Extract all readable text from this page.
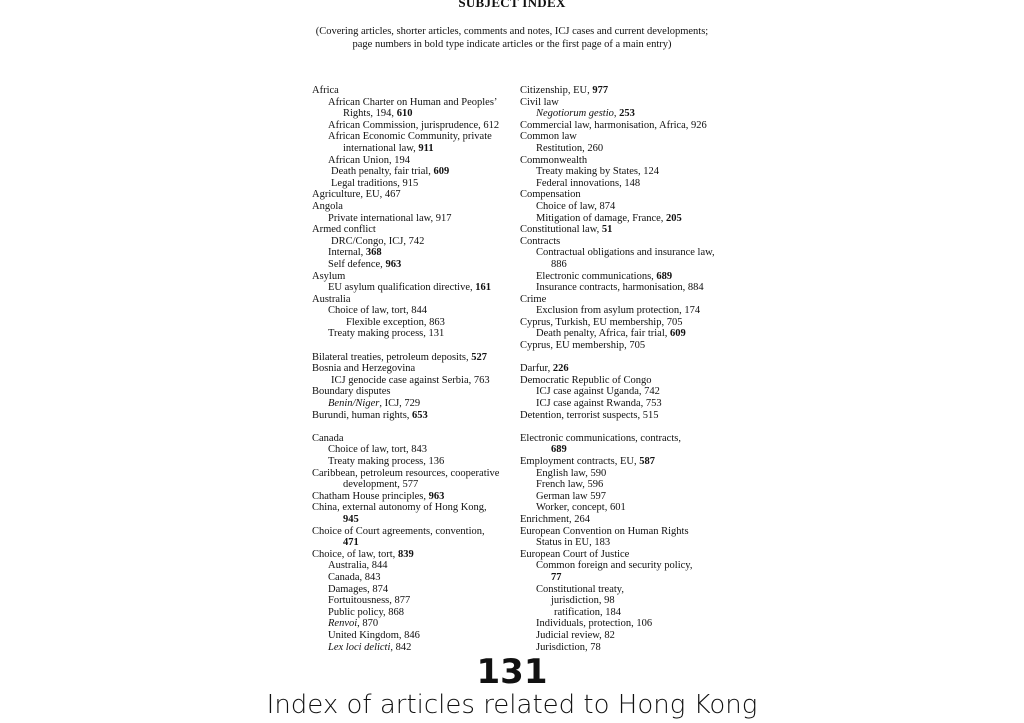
SUBJECT INDEX
(Covering articles, shorter articles, comments and notes, ICJ cases and current developments;
page numbers in bold type indicate articles or the first page of a main entry)
Africa
African Charter on Human and Peoples’
Rights, 194, 610
African Commission, jurisprudence, 612
African Economic Community, private
international law, 911
African Union, 194
Death penalty, fair trial, 609
Legal traditions, 915
Agriculture, EU, 467
Angola
Private international law, 917
Armed conflict
DRC/Congo, ICJ, 742
Internal, 368
Self defence, 963
Asylum
EU asylum qualification directive, 161
Australia
Choice of law, tort, 844
Flexible exception, 863
Treaty making process, 131
Bilateral treaties, petroleum deposits, 527
Bosnia and Herzegovina
ICJ genocide case against Serbia, 763
Boundary disputes
Benin/Niger, ICJ, 729
Burundi, human rights, 653
Canada
Choice of law, tort, 843
Treaty making process, 136
Caribbean, petroleum resources, cooperative
development, 577
Chatham House principles, 963
China, external autonomy of Hong Kong,
945
Choice of Court agreements, convention,
471
Choice, of law, tort, 839
Australia, 844
Canada, 843
Damages, 874
Fortuitousness, 877
Public policy, 868
Renvoi, 870
United Kingdom, 846
Lex loci delicti, 842
Citizenship, EU, 977
Civil law
Negotiorum gestio, 253
Commercial law, harmonisation, Africa, 926
Common law
Restitution, 260
Commonwealth
Treaty making by States, 124
Federal innovations, 148
Compensation
Choice of law, 874
Mitigation of damage, France, 205
Constitutional law, 51
Contracts
Contractual obligations and insurance law,
886
Electronic communications, 689
Insurance contracts, harmonisation, 884
Crime
Exclusion from asylum protection, 174
Cyprus, Turkish, EU membership, 705
Death penalty, Africa, fair trial, 609
Cyprus, EU membership, 705
Darfur, 226
Democratic Republic of Congo
ICJ case against Uganda, 742
ICJ case against Rwanda, 753
Detention, terrorist suspects, 515
Electronic communications, contracts,
689
Employment contracts, EU, 587
English law, 590
French law, 596
German law 597
Worker, concept, 601
Enrichment, 264
European Convention on Human Rights
Status in EU, 183
European Court of Justice
Common foreign and security policy,
77
Constitutional treaty,
jurisdiction, 98
ratification, 184
Individuals, protection, 106
Judicial review, 82
Jurisdiction, 78
131
Index of articles related to Hong Kong
